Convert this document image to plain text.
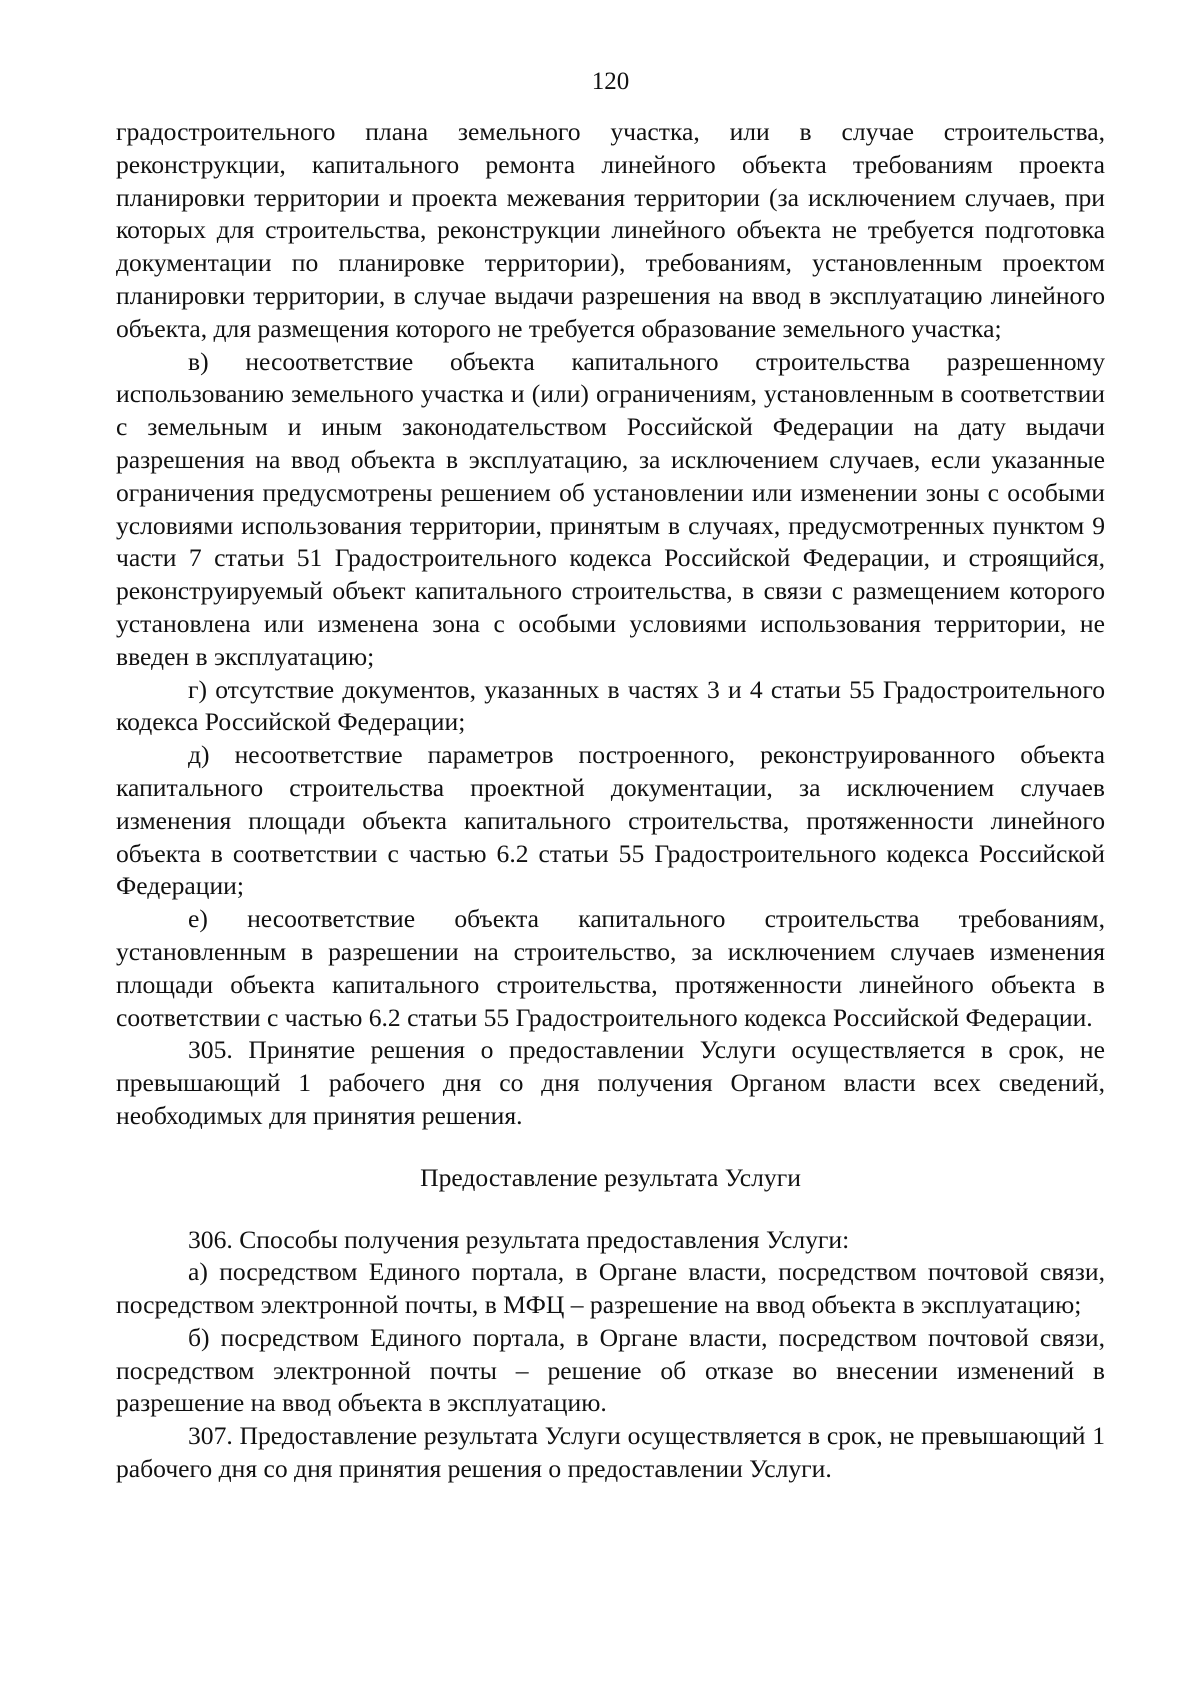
120

градостроительного плана земельного участка, или в случае строительства, реконструкции, капитального ремонта линейного объекта требованиям проекта планировки территории и проекта межевания территории (за исключением случаев, при которых для строительства, реконструкции линейного объекта не требуется подготовка документации по планировке территории), требованиям, установленным проектом планировки территории, в случае выдачи разрешения на ввод в эксплуатацию линейного объекта, для размещения которого не требуется образование земельного участка;

в) несоответствие объекта капитального строительства разрешенному использованию земельного участка и (или) ограничениям, установленным в соответствии с земельным и иным законодательством Российской Федерации на дату выдачи разрешения на ввод объекта в эксплуатацию, за исключением случаев, если указанные ограничения предусмотрены решением об установлении или изменении зоны с особыми условиями использования территории, принятым в случаях, предусмотренных пунктом 9 части 7 статьи 51 Градостроительного кодекса Российской Федерации, и строящийся, реконструируемый объект капитального строительства, в связи с размещением которого установлена или изменена зона с особыми условиями использования территории, не введен в эксплуатацию;

г) отсутствие документов, указанных в частях 3 и 4 статьи 55 Градостроительного кодекса Российской Федерации;

д) несоответствие параметров построенного, реконструированного объекта капитального строительства проектной документации, за исключением случаев изменения площади объекта капитального строительства, протяженности линейного объекта в соответствии с частью 6.2 статьи 55 Градостроительного кодекса Российской Федерации;

е) несоответствие объекта капитального строительства требованиям, установленным в разрешении на строительство, за исключением случаев изменения площади объекта капитального строительства, протяженности линейного объекта в соответствии с частью 6.2 статьи 55 Градостроительного кодекса Российской Федерации.

305. Принятие решения о предоставлении Услуги осуществляется в срок, не превышающий 1 рабочего дня со дня получения Органом власти всех сведений, необходимых для принятия решения.

Предоставление результата Услуги

306. Способы получения результата предоставления Услуги:

а) посредством Единого портала, в Органе власти, посредством почтовой связи, посредством электронной почты, в МФЦ – разрешение на ввод объекта в эксплуатацию;

б) посредством Единого портала, в Органе власти, посредством почтовой связи, посредством электронной почты – решение об отказе во внесении изменений в разрешение на ввод объекта в эксплуатацию.

307. Предоставление результата Услуги осуществляется в срок, не превышающий 1 рабочего дня со дня принятия решения о предоставлении Услуги.
